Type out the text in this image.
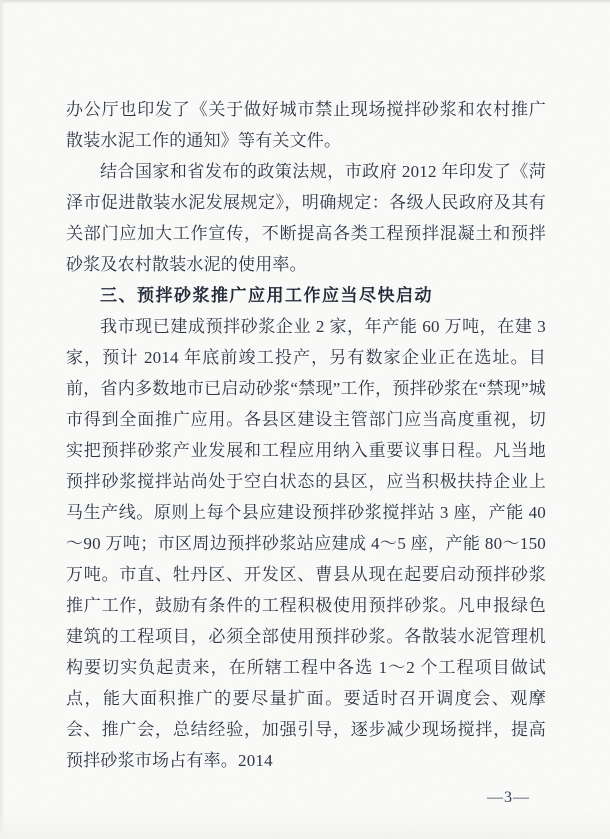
办公厅也印发了《关于做好城市禁止现场搅拌砂浆和农村推广散装水泥工作的通知》等有关文件。

结合国家和省发布的政策法规，市政府 2012 年印发了《菏泽市促进散装水泥发展规定》，明确规定：各级人民政府及其有关部门应加大工作宣传，不断提高各类工程预拌混凝土和预拌砂浆及农村散装水泥的使用率。

三、预拌砂浆推广应用工作应当尽快启动

我市现已建成预拌砂浆企业 2 家，年产能 60 万吨，在建 3 家，预计 2014 年底前竣工投产，另有数家企业正在选址。目前，省内多数地市已启动砂浆“禁现”工作，预拌砂浆在“禁现”城市得到全面推广应用。各县区建设主管部门应当高度重视，切实把预拌砂浆产业发展和工程应用纳入重要议事日程。凡当地预拌砂浆搅拌站尚处于空白状态的县区，应当积极扶持企业上马生产线。原则上每个县应建设预拌砂浆搅拌站 3 座，产能 40～90 万吨；市区周边预拌砂浆站应建成 4～5 座，产能 80～150 万吨。市直、牡丹区、开发区、曹县从现在起要启动预拌砂浆推广工作，鼓励有条件的工程积极使用预拌砂浆。凡申报绿色建筑的工程项目，必须全部使用预拌砂浆。各散装水泥管理机构要切实负起责来，在所辖工程中各选 1～2 个工程项目做试点，能大面积推广的要尽量扩面。要适时召开调度会、观摩会、推广会，总结经验，加强引导，逐步减少现场搅拌，提高预拌砂浆市场占有率。2014

—3—
